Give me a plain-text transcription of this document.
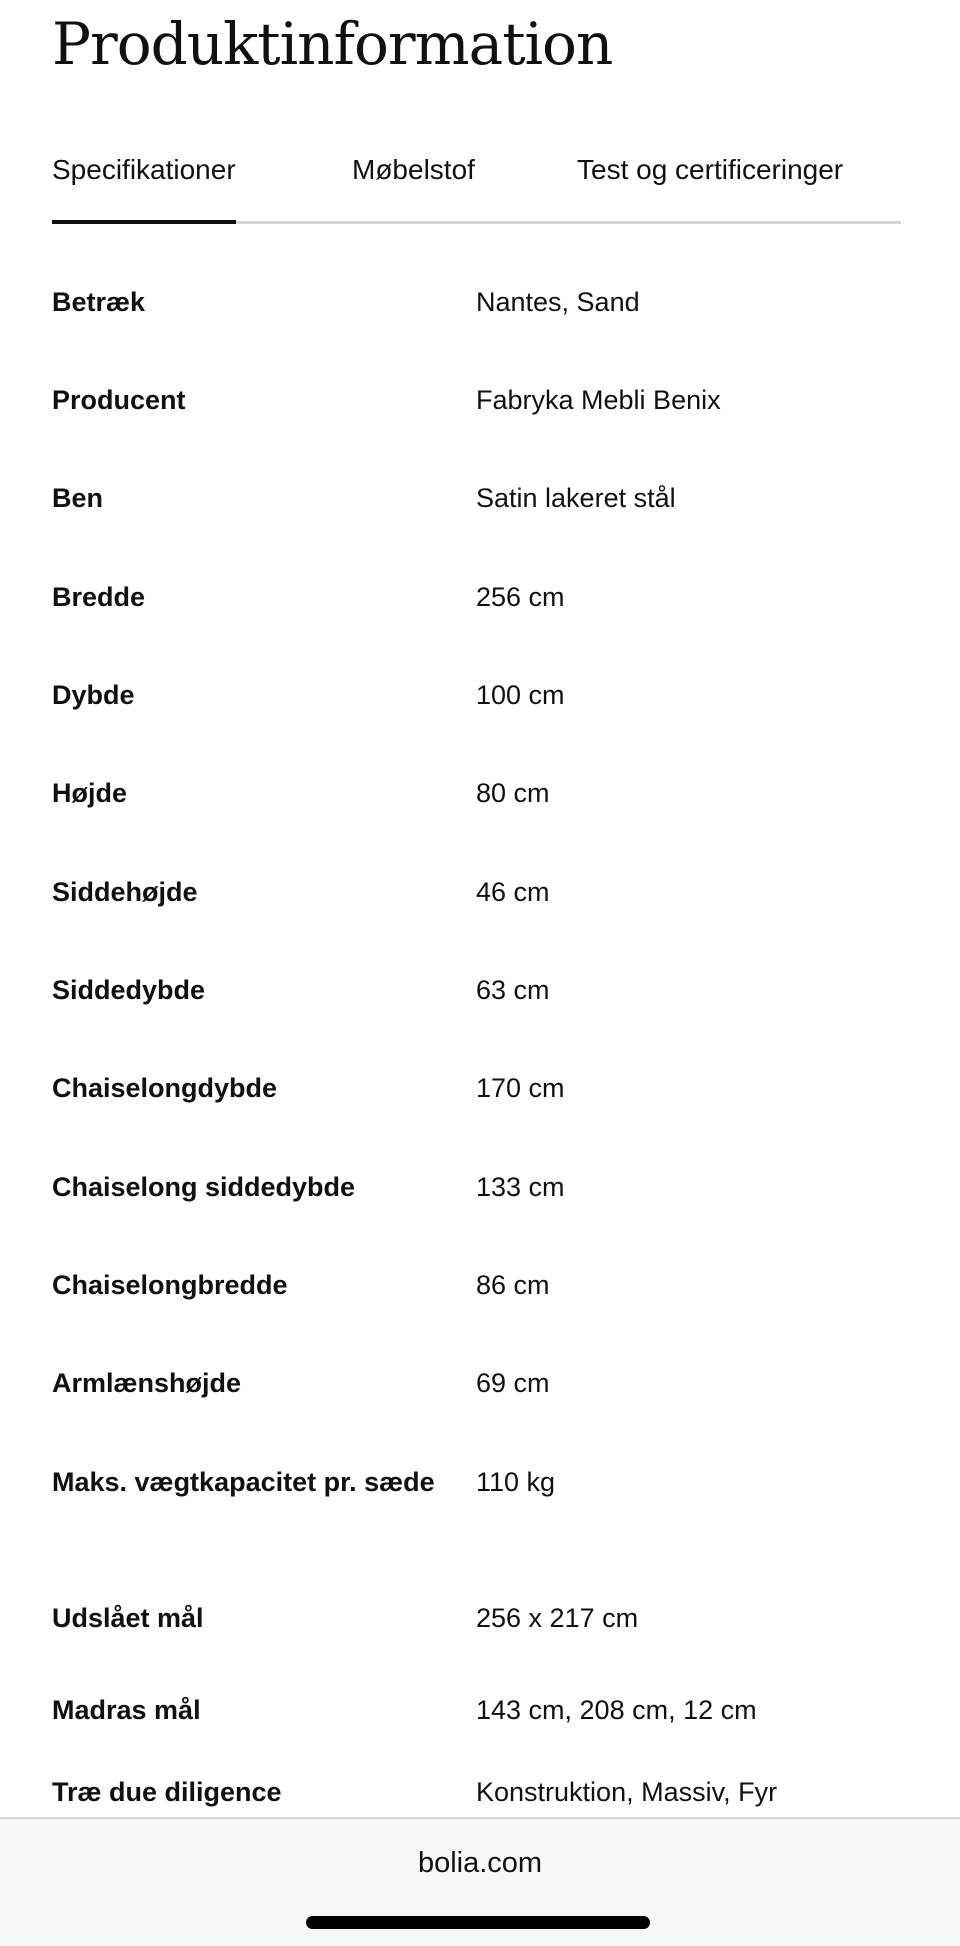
Produktinformation
Specifikationer	Møbelstof	Test og certificeringer
Betræk	Nantes, Sand
Producent	Fabryka Mebli Benix
Ben	Satin lakeret stål
Bredde	256 cm
Dybde	100 cm
Højde	80 cm
Siddehøjde	46 cm
Siddedybde	63 cm
Chaiselongdybde	170 cm
Chaiselong siddedybde	133 cm
Chaiselongbredde	86 cm
Armlænshøjde	69 cm
Maks. vægtkapacitet pr. sæde 110 kg
Udslået mål	256 x 217 cm
Madras mål	143 cm, 208 cm, 12 cm
Træ due diligence	Konstruktion, Massiv, Fyr
bolia.com
